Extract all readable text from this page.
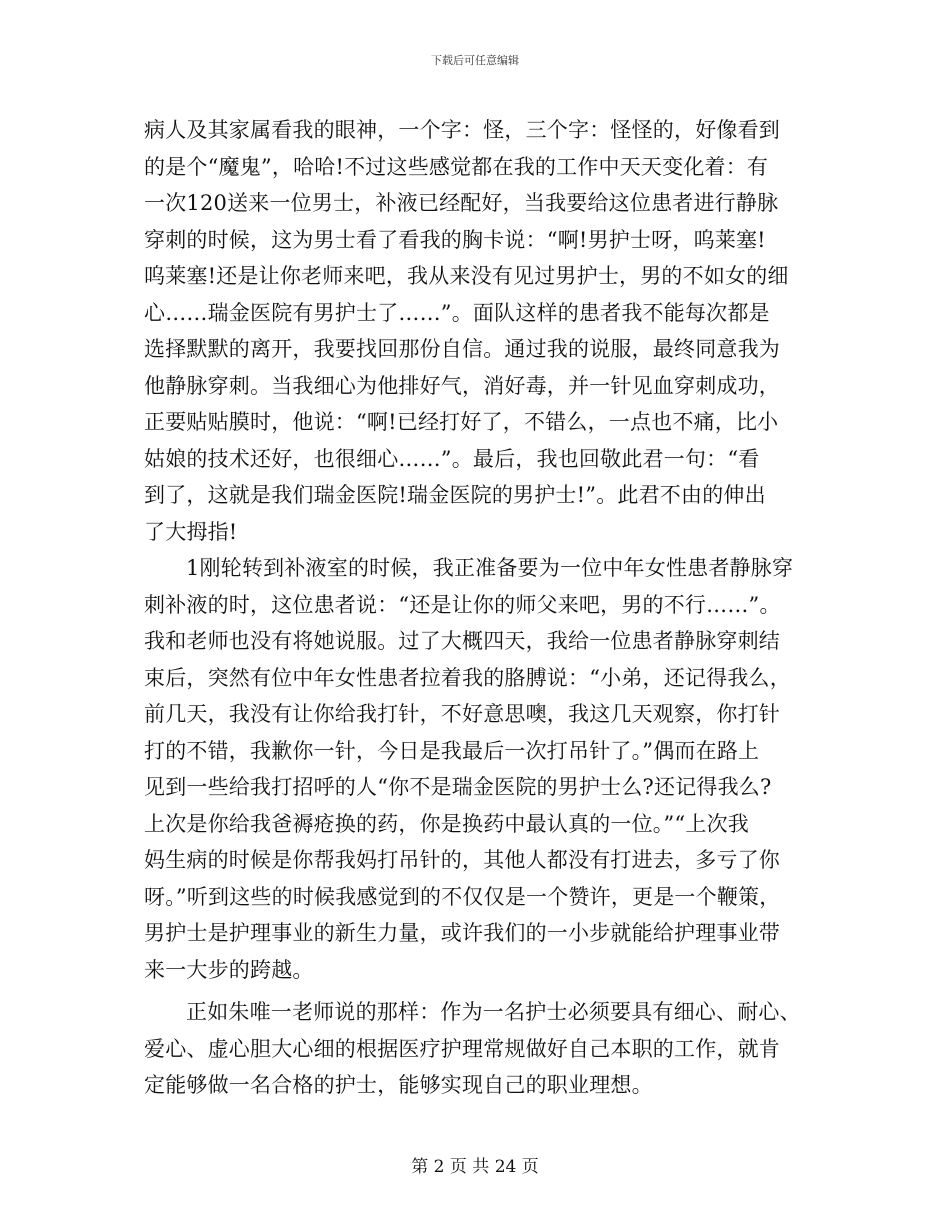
下载后可任意编辑
病人及其家属看我的眼神，一个字：怪，三个字：怪怪的，好像看到
的是个“魔鬼”，哈哈!不过这些感觉都在我的工作中天天变化着：有
一次120送来一位男士，补液已经配好，当我要给这位患者进行静脉
穿刺的时候，这为男士看了看我的胸卡说：“啊!男护士呀，呜莱塞!
呜莱塞!还是让你老师来吧，我从来没有见过男护士，男的不如女的细
心……瑞金医院有男护士了……”。面队这样的患者我不能每次都是
选择默默的离开，我要找回那份自信。通过我的说服，最终同意我为
他静脉穿刺。当我细心为他排好气，消好毒，并一针见血穿刺成功，
正要贴贴膜时，他说：“啊!已经打好了，不错么，一点也不痛，比小
姑娘的技术还好，也很细心……”。最后，我也回敬此君一句：“看
到了，这就是我们瑞金医院!瑞金医院的男护士!”。此君不由的伸出
了大拇指!
1刚轮转到补液室的时候，我正准备要为一位中年女性患者静脉穿
刺补液的时，这位患者说：“还是让你的师父来吧，男的不行……”。
我和老师也没有将她说服。过了大概四天，我给一位患者静脉穿刺结
束后，突然有位中年女性患者拉着我的胳膊说：“小弟，还记得我么，
前几天，我没有让你给我打针，不好意思噢，我这几天观察，你打针
打的不错，我歉你一针，今日是我最后一次打吊针了。”偶而在路上
见到一些给我打招呼的人“你不是瑞金医院的男护士么?还记得我么?
上次是你给我爸褥疮换的药，你是换药中最认真的一位。”“上次我
妈生病的时候是你帮我妈打吊针的，其他人都没有打进去，多亏了你
呀。”听到这些的时候我感觉到的不仅仅是一个赞许，更是一个鞭策，
男护士是护理事业的新生力量，或许我们的一小步就能给护理事业带
来一大步的跨越。
正如朱唯一老师说的那样：作为一名护士必须要具有细心、耐心、
爱心、虚心胆大心细的根据医疗护理常规做好自己本职的工作，就肯
定能够做一名合格的护士，能够实现自己的职业理想。
第 2 页 共 24 页
